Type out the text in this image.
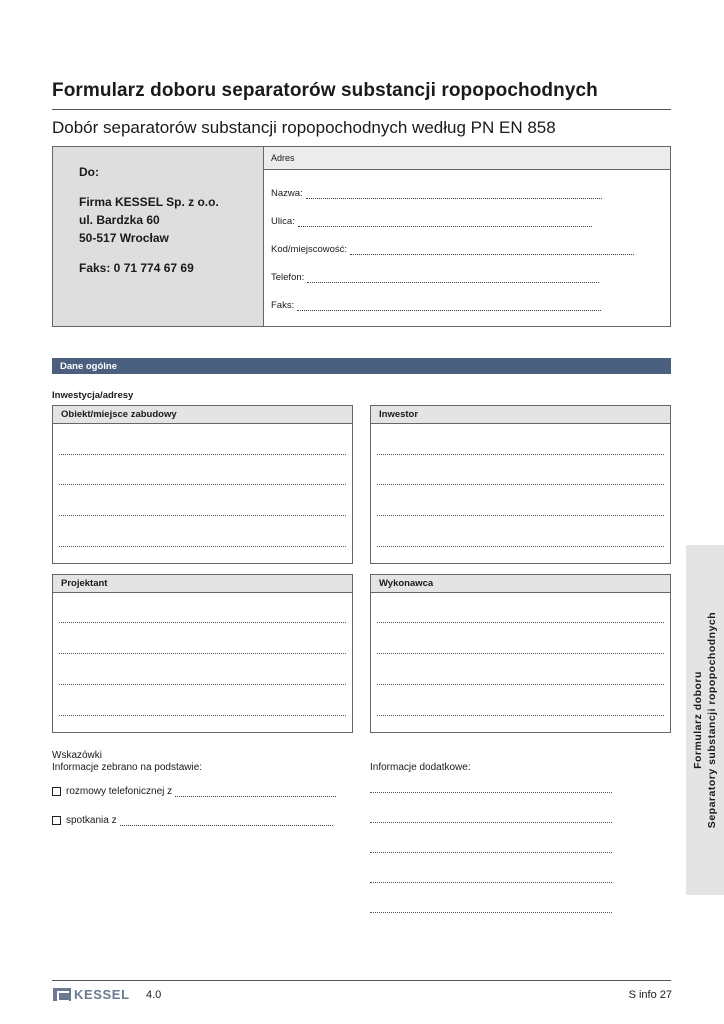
Formularz doboru separatorów substancji ropopochodnych
Dobór separatorów substancji ropopochodnych według PN EN 858
Do:
Firma KESSEL Sp. z o.o.
ul. Bardzka 60
50-517 Wrocław
Faks: 0 71 774 67 69
Adres
Nazwa:
Ulica:
Kod/miejscowość:
Telefon:
Faks:
Dane ogólne
Inwestycja/adresy
Obiekt/miejsce zabudowy	Inwestor
Projektant	Wykonawca
Wskazówki
Informacje zebrano na podstawie:
rozmowy telefonicznej z
spotkania z
Informacje dodatkowe:	Formularz doboru Separatory substancji ropopochodnych
KESSEL 4.0	S info 27
